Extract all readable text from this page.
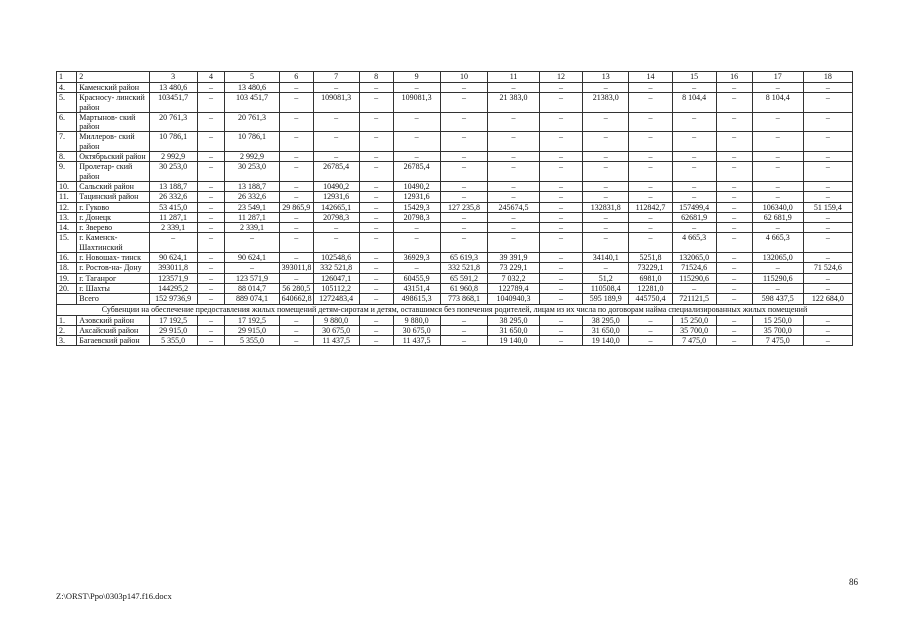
1	2	3	4	5	6	7	8	9	10	11	12	13	14	15	16	17	18
4.	Каменский район	13 480,6	–	13 480,6	–	–	–	–	–	–	–	–	–	–	–	–	–
5.	Красносу- линский район	103451,7	–	103 451,7	–	109081,3	–	109081,3	–	21 383,0	–	21383,0	–	8 104,4	–	8 104,4	–
6.	Мартынов- ский район	20 761,3	–	20 761,3	–	–	–	–	–	–	–	–	–	–	–	–	–
7.	Миллеров- ский район	10 786,1	–	10 786,1	–	–	–	–	–	–	–	–	–	–	–	–	–
8.	Октябрьский район	2 992,9	–	2 992,9	–	–	–	–	–	–	–	–	–	–	–	–	–
9.	Пролетар- ский район	30 253,0	–	30 253,0	–	26785,4	–	26785,4	–	–	–	–	–	–	–	–	–
10.	Сальский район	13 188,7	–	13 188,7	–	10490,2	–	10490,2	–	–	–	–	–	–	–	–	–
11.	Тацинский район	26 332,6	–	26 332,6	–	12931,6	–	12931,6	–	–	–	–	–	–	–	–	–
12.	г. Гуково	53 415,0	–	23 549,1	29 865,9	142665,1	–	15429,3	127 235,8	245674,5	–	132831,8	112842,7	157499,4	–	106340,0	51 159,4
13.	г. Донецк	11 287,1	–	11 287,1	–	20798,3	–	20798,3	–	–	–	–	–	62681,9	–	62 681,9	–
14.	г. Зверево	2 339,1	–	2 339,1	–	–	–	–	–	–	–	–	–	–	–	–	–
15.	г. Каменск- Шахтинский	–	–	–	–	–	–	–	–	–	–	–	–	4 665,3	–	4 665,3	–
16.	г. Новошах- тинск	90 624,1	–	90 624,1	–	102548,6	–	36929,3	65 619,3	39 391,9	–	34140,1	5251,8	132065,0	–	132065,0	–
18.	г. Ростов-на- Дону	393011,8	–	–	393011,8	332 521,8	–	–	332 521,8	73 229,1	–	–	73229,1	71524,6	–	–	71 524,6
19.	г. Таганрог	123571,9	–	123 571,9	–	126047,1	–	60455,9	65 591,2	7 032,2	–	51,2	6981,0	115290,6	–	115290,6	–
20.	г. Шахты	144295,2	–	88 014,7	56 280,5	105112,2	–	43151,4	61 960,8	122789,4	–	110508,4	12281,0	–	–	–	–
	Всего	152 9736,9	–	889 074,1	640662,8	1272483,4	–	498615,3	773 868,1	1040940,3	–	595 189,9	445750,4	721121,5	–	598 437,5	122 684,0
Субвенции на обеспечение предоставления жилых помещений детям-сиротам и детям, оставшимся без попечения родителей, лицам из их числа по договорам найма специализированных жилых помещений																	
1.	Азовский район	17 192,5	–	17 192,5	–	9 880,0	–	9 880,0	–	38 295,0	–	38 295,0	–	15 250,0	–	15 250,0	–
2.	Аксайский район	29 915,0	–	29 915,0	–	30 675,0	–	30 675,0	–	31 650,0	–	31 650,0	–	35 700,0	–	35 700,0	–
3.	Багаевский район	5 355,0	–	5 355,0	–	11 437,5	–	11 437,5	–	19 140,0	–	19 140,0	–	7 475,0	–	7 475,0	–
86
Z:\ORST\Ppo\0303p147.f16.docx
